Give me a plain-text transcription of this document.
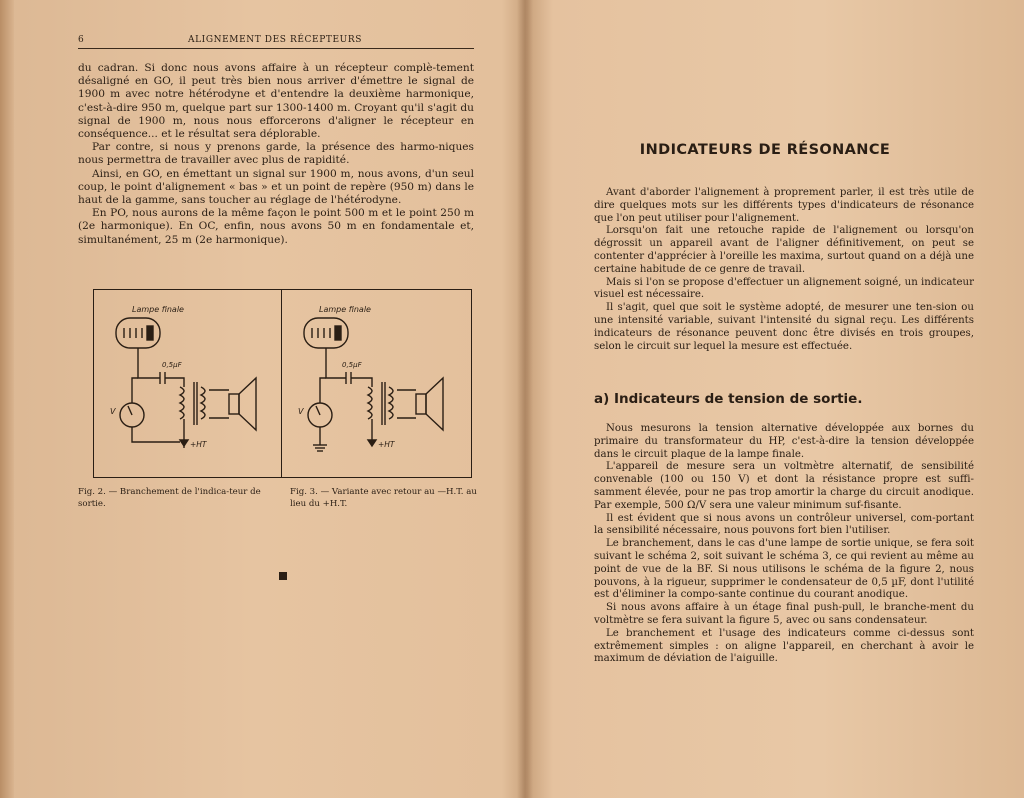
6	ALIGNEMENT DES RÉCEPTEURS

du cadran. Si donc nous avons affaire à un récepteur complè-tement désaligné en GO, il peut très bien nous arriver d'émettre le signal de 1900 m avec notre hétérodyne et d'entendre la deuxième harmonique, c'est-à-dire 950 m, quelque part sur 1300-1400 m. Croyant qu'il s'agit du signal de 1900 m, nous nous efforcerons d'aligner le récepteur en conséquence... et le résultat sera déplorable.

Par contre, si nous y prenons garde, la présence des harmo-niques nous permettra de travailler avec plus de rapidité.

Ainsi, en GO, en émettant un signal sur 1900 m, nous avons, d'un seul coup, le point d'alignement « bas » et un point de repère (950 m) dans le haut de la gamme, sans toucher au réglage de l'hétérodyne.

En PO, nous aurons de la même façon le point 500 m et le point 250 m (2e harmonique). En OC, enfin, nous avons 50 m en fondamentale et, simultanément, 25 m (2e harmonique).

Lampe finale
0,5µF
+HT
V
Lampe finale
0,5µF
+HT
V
Fig. 2. — Branchement de l'indica-teur de sortie.
Fig. 3. — Variante avec retour au —H.T. au lieu du +H.T.
INDICATEURS DE RÉSONANCE

Avant d'aborder l'alignement à proprement parler, il est très utile de dire quelques mots sur les différents types d'indicateurs de résonance que l'on peut utiliser pour l'alignement.

Lorsqu'on fait une retouche rapide de l'alignement ou lorsqu'on dégrossit un appareil avant de l'aligner définitivement, on peut se contenter d'apprécier à l'oreille les maxima, surtout quand on a déjà une certaine habitude de ce genre de travail.

Mais si l'on se propose d'effectuer un alignement soigné, un indicateur visuel est nécessaire.

Il s'agit, quel que soit le système adopté, de mesurer une ten-sion ou une intensité variable, suivant l'intensité du signal reçu. Les différents indicateurs de résonance peuvent donc être divisés en trois groupes, selon le circuit sur lequel la mesure est effectuée.

a) Indicateurs de tension de sortie.

Nous mesurons la tension alternative développée aux bornes du primaire du transformateur du HP, c'est-à-dire la tension développée dans le circuit plaque de la lampe finale.

L'appareil de mesure sera un voltmètre alternatif, de sensibilité convenable (100 ou 150 V) et dont la résistance propre est suffi-samment élevée, pour ne pas trop amortir la charge du circuit anodique. Par exemple, 500 Ω/V sera une valeur minimum suf-fisante.

Il est évident que si nous avons un contrôleur universel, com-portant la sensibilité nécessaire, nous pouvons fort bien l'utiliser.

Le branchement, dans le cas d'une lampe de sortie unique, se fera soit suivant le schéma 2, soit suivant le schéma 3, ce qui revient au même au point de vue de la BF. Si nous utilisons le schéma de la figure 2, nous pouvons, à la rigueur, supprimer le condensateur de 0,5 µF, dont l'utilité est d'éliminer la compo-sante continue du courant anodique.

Si nous avons affaire à un étage final push-pull, le branche-ment du voltmètre se fera suivant la figure 5, avec ou sans condensateur.

Le branchement et l'usage des indicateurs comme ci-dessus sont extrêmement simples : on aligne l'appareil, en cherchant à avoir le maximum de déviation de l'aiguille.
